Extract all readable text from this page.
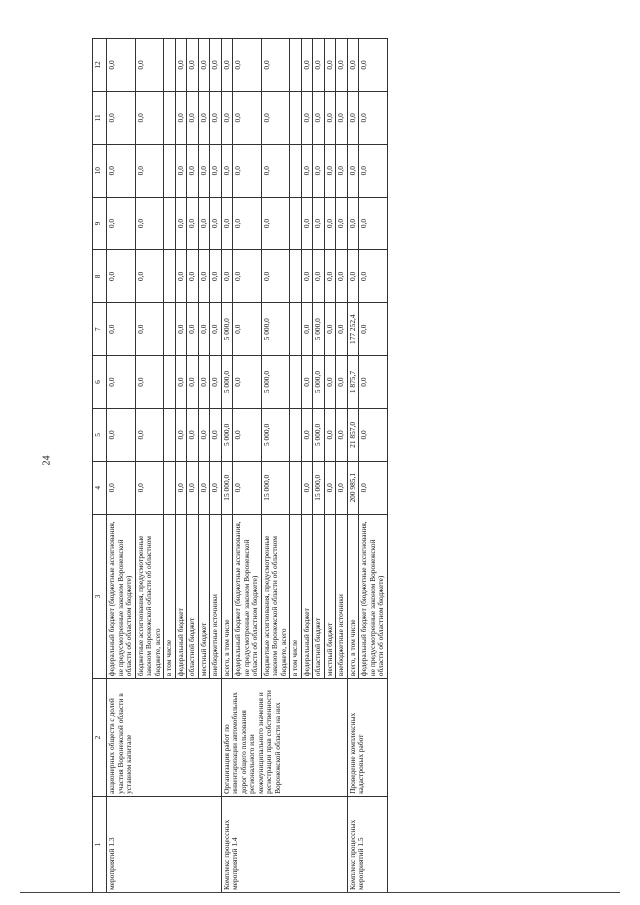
24
1	2	3	4	5	6	7	8	9	10	11	12
мероприятий 1.3	акционерных обществ с долей участия Воронежской области в уставном капитале	федеральный бюджет (бюджетные ассигнования, не предусмотренные законом Воронежской области об областном бюджете)	0,0	0,0	0,0	0,0	0,0	0,0	0,0	0,0	0,0
		бюджетные ассигнования, предусмотренные законом Воронежской области об областном бюджете, всего	0,0	0,0	0,0	0,0	0,0	0,0	0,0	0,0	0,0
		в том числе									
		федеральный бюджет	0,0	0,0	0,0	0,0	0,0	0,0	0,0	0,0	0,0
		областной бюджет	0,0	0,0	0,0	0,0	0,0	0,0	0,0	0,0	0,0
		местный бюджет	0,0	0,0	0,0	0,0	0,0	0,0	0,0	0,0	0,0
		внебюджетные источники	0,0	0,0	0,0	0,0	0,0	0,0	0,0	0,0	0,0
Комплекс процессных мероприятий 1.4	Организация работ по инвентаризации автомобильных дорог общего пользования регионального или межмуниципального значения и регистрации прав собственности Воронежской области на них	всего, в том числе	15 000,0	5 000,0	5 000,0	5 000,0	0,0	0,0	0,0	0,0	0,0
		федеральный бюджет (бюджетные ассигнования, не предусмотренные законом Воронежской области об областном бюджете)	0,0	0,0	0,0	0,0	0,0	0,0	0,0	0,0	0,0
		бюджетные ассигнования, предусмотренные законом Воронежской области об областном бюджете, всего	15 000,0	5 000,0	5 000,0	5 000,0	0,0	0,0	0,0	0,0	0,0
		в том числе									
		федеральный бюджет	0,0	0,0	0,0	0,0	0,0	0,0	0,0	0,0	0,0
		областной бюджет	15 000,0	5 000,0	5 000,0	5 000,0	0,0	0,0	0,0	0,0	0,0
		местный бюджет	0,0	0,0	0,0	0,0	0,0	0,0	0,0	0,0	0,0
		внебюджетные источники	0,0	0,0	0,0	0,0	0,0	0,0	0,0	0,0	0,0
Комплекс процессных мероприятий 1.5	Проведение комплексных кадастровых работ	всего, в том числе	200 985,1	21 857,0	1 875,7	177 252,4	0,0	0,0	0,0	0,0	0,0
		федеральный бюджет (бюджетные ассигнования, не предусмотренные законом Воронежской области об областном бюджете)	0,0	0,0	0,0	0,0	0,0	0,0	0,0	0,0	0,0
